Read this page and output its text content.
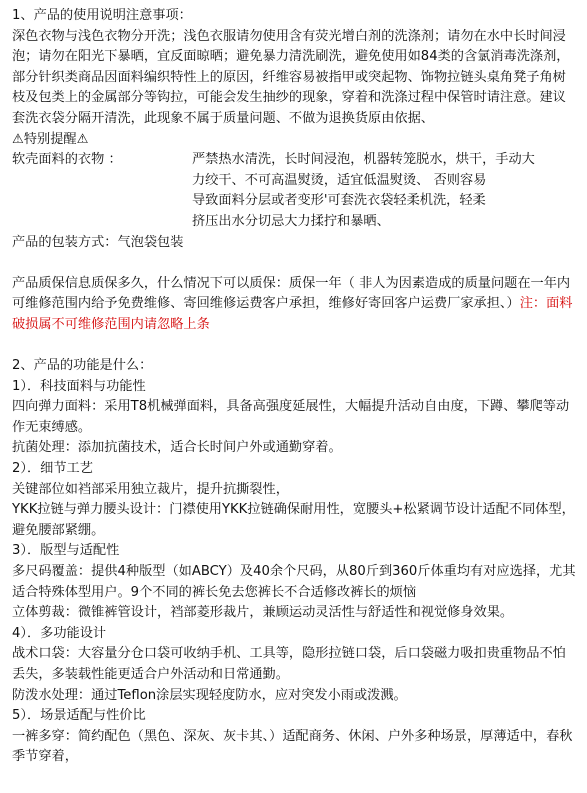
1、产品的使用说明注意事项：
深色衣物与浅色衣物分开洗；浅色衣服请勿使用含有荧光增白剂的洗涤剂；请勿在水中长时间浸泡；请勿在阳光下暴晒，宜反面晾晒；避免暴力清洗刷洗，避免使用如84类的含氯消毒洗涤剂，部分针织类商品因面料编织特性上的原因，纤维容易被指甲或突起物、饰物拉链头桌角凳子角树枝及包类上的金属部分等钩拉，可能会发生抽纱的现象，穿着和洗涤过程中保管时请注意。建议套洗衣袋分隔开清洗，此现象不属于质量问题、不做为退换货原由依据、
⚠特别提醒⚠
软壳面料的衣物 ：	严禁热水清洗，长时间浸泡，机器转笼脱水，烘干，手动大
力绞干、不可高温熨烫，适宜低温熨烫、 否则容易
导致面料分层或者变形'可套洗衣袋轻柔机洗，轻柔
挤压出水分切忌大力揉拧和暴晒、
产品的包装方式：气泡袋包装
产品质保信息质保多久，什么情况下可以质保：质保一年（ 非人为因素造成的质量问题在一年内可维修范围内给予免费维修、寄回维修运费客户承担，维修好寄回客户运费厂家承担、）注：面料破损属不可维修范围内请忽略上条
2、产品的功能是什么：
1）．科技面料与功能性
四向弹力面料：采用T8机械弹面料，具备高强度延展性，大幅提升活动自由度，下蹲、攀爬等动作无束缚感。
抗菌处理：添加抗菌技术，适合长时间户外或通勤穿着。
2）．细节工艺
关键部位如裆部采用独立裁片，提升抗撕裂性，
YKK拉链与弹力腰头设计：门襟使用YKK拉链确保耐用性，宽腰头+松紧调节设计适配不同体型，避免腰部紧绷。
3）．版型与适配性
多尺码覆盖：提供4种版型（如ABCY）及40余个尺码，从80斤到360斤体重均有对应选择，尤其适合特殊体型用户。9个不同的裤长免去您裤长不合适修改裤长的烦恼
立体剪裁：微锥裤管设计，裆部菱形裁片，兼顾运动灵活性与舒适性和视觉修身效果。
4）．多功能设计
战术口袋：大容量分仓口袋可收纳手机、工具等，隐形拉链口袋，后口袋磁力吸扣贵重物品不怕丢失，多装载性能更适合户外活动和日常通勤。
防泼水处理：通过Teflon涂层实现轻度防水，应对突发小雨或泼溅。
5）．场景适配与性价比
一裤多穿：简约配色（黑色、深灰、灰卡其、）适配商务、休闲、户外多种场景，厚薄适中，春秋季节穿着，
